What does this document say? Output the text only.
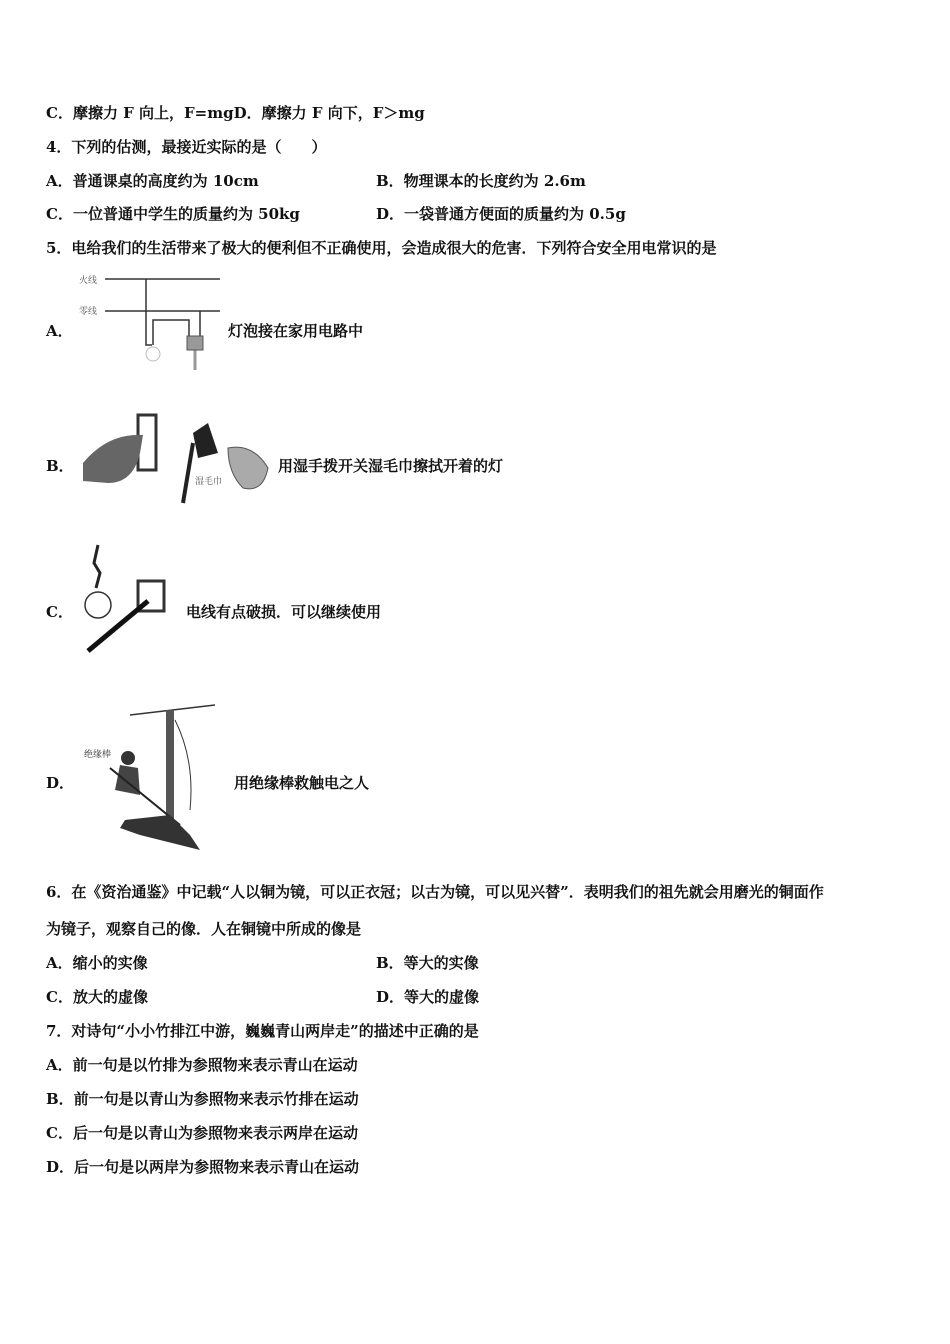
C．摩擦力 F 向上，F=mgD．摩擦力 F 向下，F＞mg
4．下列的估测，最接近实际的是（　　）
A．普通课桌的高度约为 10cm	B．物理课本的长度约为 2.6m
C．一位普通中学生的质量约为 50kg	D．一袋普通方便面的质量约为 0.5g
5．电给我们的生活带来了极大的便利但不正确使用，会造成很大的危害．下列符合安全用电常识的是
A．
火线
零线
灯泡接在家用电路中
B．
湿毛巾
用湿手拨开关湿毛巾擦拭开着的灯
C．	电线有点破损．可以继续使用
D．
绝缘棒
用绝缘棒救触电之人
6．在《资治通鉴》中记载“人以铜为镜，可以正衣冠；以古为镜，可以见兴替”．表明我们的祖先就会用磨光的铜面作
为镜子，观察自己的像．人在铜镜中所成的像是
A．缩小的实像	B．等大的实像
C．放大的虚像	D．等大的虚像
7．对诗句“小小竹排江中游，巍巍青山两岸走”的描述中正确的是
A．前一句是以竹排为参照物来表示青山在运动
B．前一句是以青山为参照物来表示竹排在运动
C．后一句是以青山为参照物来表示两岸在运动
D．后一句是以两岸为参照物来表示青山在运动
